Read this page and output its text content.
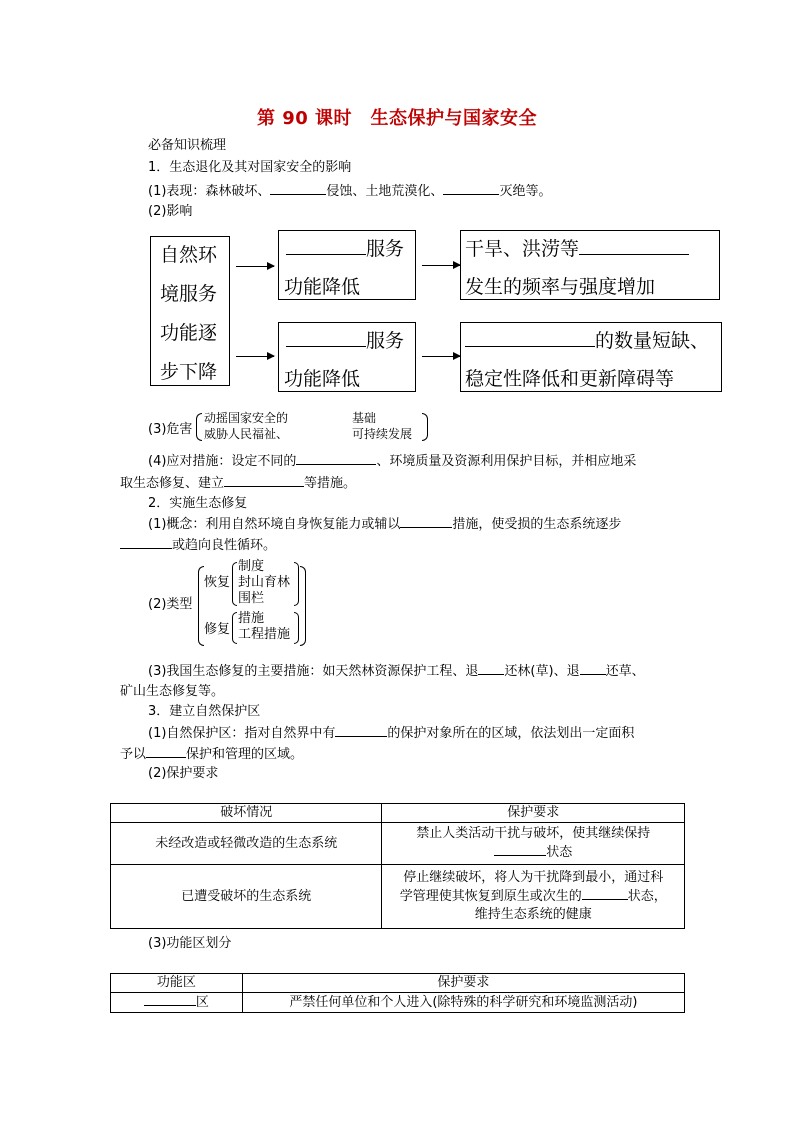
第 90 课时　生态保护与国家安全
必备知识梳理
1．生态退化及其对国家安全的影响
(1)表现：森林破坏、	侵蚀、土地荒漠化、	灭绝等。
(2)影响
自然环
境服务
功能逐
步下降
服务
功能降低
服务
功能降低
干旱、洪涝等
发生的频率与强度增加
的数量短缺、
稳定性降低和更新障碍等
(3)危害
动摇国家安全的	基础
威胁人民福祉、	可持续发展
(4)应对措施：设定不同的	、环境质量及资源利用保护目标，并相应地采
取生态修复、建立	等措施。
2．实施生态修复
(1)概念：利用自然环境自身恢复能力或辅以	措施，使受损的生态系统逐步
或趋向良性循环。
(2)类型
恢复
制度
封山育林
围栏
修复
措施
工程措施
(3)我国生态修复的主要措施：如天然林资源保护工程、退 还林(草)、退 还草、
矿山生态修复等。
3．建立自然保护区
(1)自然保护区：指对自然界中有	的保护对象所在的区域，依法划出一定面积
予以	保护和管理的区域。
(2)保护要求
破坏情况	保护要求
未经改造或轻微改造的生态系统	禁止人类活动干扰与破坏，使其继续保持
状态

已遭受破坏的生态系统	停止继续破坏，将人为干扰降到最小，通过科
学管理使其恢复到原生或次生的 状态，
维持生态系统的健康
(3)功能区划分
功能区	保护要求
区	严禁任何单位和个人进入(除特殊的科学研究和环境监测活动)
